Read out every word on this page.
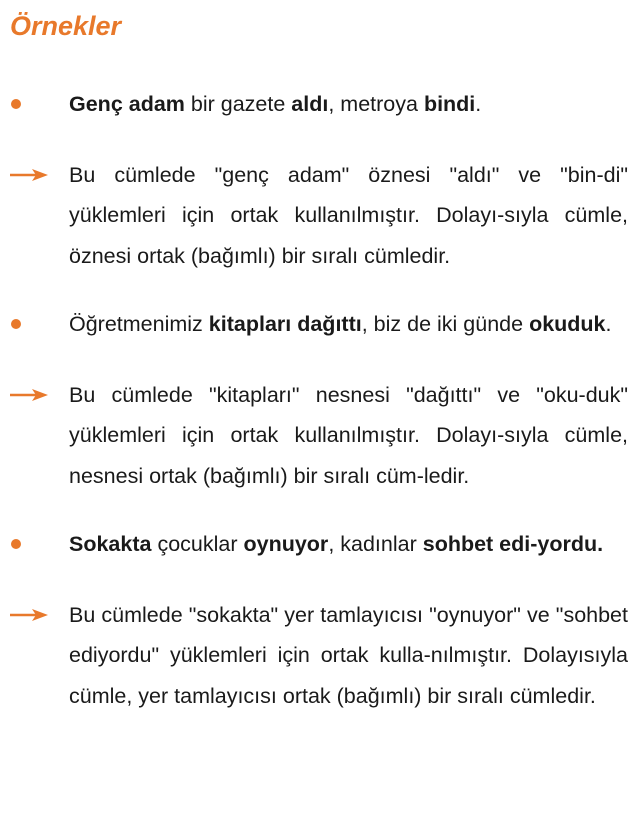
Örnekler

Genç adam bir gazete aldı, metroya bindi.

Bu cümlede "genç adam" öznesi "aldı" ve "bin-di" yüklemleri için ortak kullanılmıştır. Dolayı-sıyla cümle, öznesi ortak (bağımlı) bir sıralı cümledir.

Öğretmenimiz kitapları dağıttı, biz de iki günde okuduk.

Bu cümlede "kitapları" nesnesi "dağıttı" ve "oku-duk" yüklemleri için ortak kullanılmıştır. Dolayı-sıyla cümle, nesnesi ortak (bağımlı) bir sıralı cüm-ledir.

Sokakta çocuklar oynuyor, kadınlar sohbet edi-yordu.

Bu cümlede "sokakta" yer tamlayıcısı "oynuyor" ve "sohbet ediyordu" yüklemleri için ortak kulla-nılmıştır. Dolayısıyla cümle, yer tamlayıcısı ortak (bağımlı) bir sıralı cümledir.
